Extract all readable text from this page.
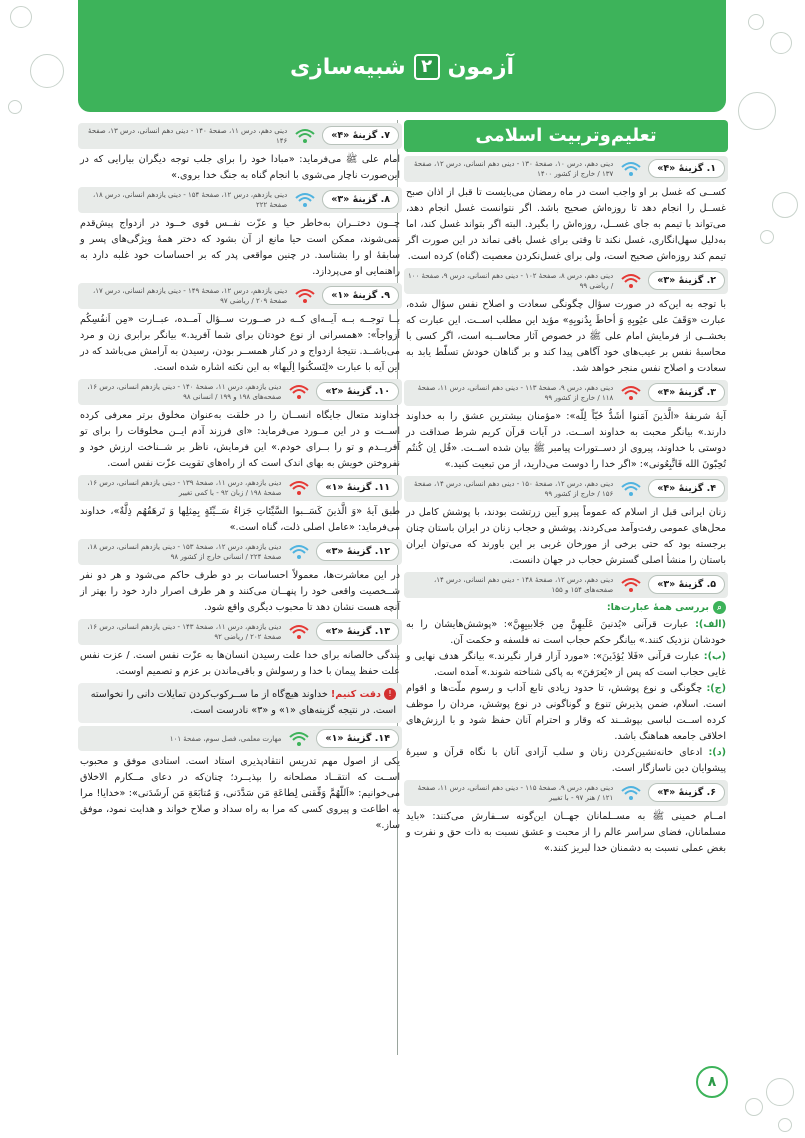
آزمون
۲
شبیه‌سازی
تعلیم‌وتربیت اسلامی
۱. گزینۀ «۴»
دینی دهم، درس ۱۰، صفحۀ ۱۳۰ - دینی دهم انسانی، درس ۱۲، صفحۀ ۱۳۷ / خارج از کشور ۱۴۰۰
کســی که غسل بر او واجب است در ماه رمضان می‌بایست تا قبل از اذان صبح غســل را انجام دهد تا روزه‌اش صحیح باشد. اگر نتوانست غسل انجام دهد، می‌تواند با تیمم به جای غســل، روزه‌اش را بگیرد. البته اگر بتواند غسل کند، اما به‌دلیل سهل‌انگاری، غسل نکند تا وقتی برای غسل باقی نماند در این صورت اگر تیمم کند روزه‌اش صحیح است، ولی برای غسل‌نکردن معصیت (گناه) کرده است.
۲. گزینۀ «۳»
دینی دهم، درس ۸، صفحۀ ۱۰۲ - دینی دهم انسانی، درس ۹، صفحۀ ۱۰۰ / ریاضی ۹۹
با توجه به این‌که در صورت سؤال چگونگی سعادت و اصلاح نفس سؤال شده، عبارت «وَقَفَ علی عیُوبِهِ وَ أحاطَ بِذُنوبِهِ» مؤید این مطلب اســت. این عبارت که بخشــی از فرمایش امام علی ﷺ در خصوص آثار محاســبه است، اگر کسی با محاسبۀ نفس بر عیب‌های خود آگاهی پیدا کند و بر گناهان خودش تسلّط یابد به سعادت و اصلاح نفس منجر خواهد شد.
۳. گزینۀ «۴»
دینی دهم، درس ۹، صفحۀ ۱۱۳ - دینی دهم انسانی، درس ۱۱، صفحۀ ۱۱۸ / خارج از کشور ۹۹
آیۀ شریفۀ «الَّذینَ آمَنوا أشَدُّ حُبّاً لِلّه»: «مؤمنان بیشترین عشق را به خداوند دارند.» بیانگر محبت به خداوند اســت. در آیات قرآن کریم شرط صداقت در دوستی با خداوند، پیروی از دســتورات پیامبر ﷺ بیان شده اســت. «قُل اِن کُنتُم تُحِبّونَ الله فَاتَّبِعُونی»: «اگر خدا را دوست می‌دارید، از من تبعیت کنید.»
۴. گزینۀ «۴»
دینی دهم، درس ۱۲، صفحۀ ۱۵۰ - دینی دهم انسانی، درس ۱۴، صفحۀ ۱۵۶ / خارج از کشور ۹۹
زنان ایرانی قبل از اسلام که عموماً پیرو آیین زرتشت بودند، با پوشش کامل در محل‌های عمومی رفت‌وآمد می‌کردند. پوشش و حجاب زنان در ایران باستان چنان برجسته بود که حتی برخی از مورخان غربی بر این باورند که می‌توان ایران باستان را منشأ اصلی گسترش حجاب در جهان دانست.
۵. گزینۀ «۳»
دینی دهم، درس ۱۲، صفحۀ ۱۴۸ - دینی دهم انسانی، درس ۱۴، صفحه‌های ۱۵۴ و ۱۵۵
⌕
بررسی همۀ عبارت‌ها:

(الف): عبارت قرآنی «یُدنینَ عَلَیهِنَّ مِن جَلابیبِهِنَّ»: «پوشش‌هایشان را به خودشان نزدیک کنند.» بیانگر حکم حجاب است نه فلسفه و حکمت آن.

(ب): عبارت قرآنی «فَلا یُؤذَینَ»: «مورد آزار قرار نگیرند.» بیانگر هدف نهایی و غایی حجاب است که پس از «یُعرَفنَ» به پاکی شناخته شوند.» آمده است.

(ج): چگونگی و نوع پوشش، تا حدود زیادی تابع آداب و رسوم ملّت‌ها و اقوام است. اسلام، ضمن پذیرش تنوع و گوناگونی در نوع پوشش، مردان را موظف کرده اســت لباسی بپوشــند که وقار و احترام آنان حفظ شود و با ارزش‌های اخلاقی جامعه هماهنگ باشد.

(د): ادعای خانه‌نشین‌کردن زنان و سلب آزادی آنان با نگاه قرآن و سیرۀ پیشوایان دین ناسازگار است.

۶. گزینۀ «۴»
دینی دهم، درس ۹، صفحۀ ۱۱۵ - دینی دهم انسانی، درس ۱۱، صفحۀ ۱۲۱ / هنر ۹۷ - با تغییر
امــام خمینی ﷺ به مســلمانان جهــان این‌گونه ســفارش می‌کنند: «باید مسلمانان، فضای سراسر عالم را از محبت و عشق نسبت به ذات حق و نفرت و بغض عملی نسبت به دشمنان خدا لبریز کنند.»
۷. گزینۀ «۴»
دینی دهم، درس ۱۱، صفحۀ ۱۴۰ - دینی دهم انسانی، درس ۱۳، صفحۀ ۱۴۶
امام علی ﷺ می‌فرماید: «مبادا خود را برای جلب توجه دیگران بیارایی که در این‌صورت ناچار می‌شوی با انجام گناه به جنگ خدا بروی.»
۸. گزینۀ «۳»
دینی یازدهم، درس ۱۲، صفحۀ ۱۵۴ - دینی یازدهم انسانی، درس ۱۸، صفحۀ ۲۲۲
چــون دختــران به‌خاطر حیا و عزّت نفــس قوی خــود در ازدواج پیش‌قدم نمی‌شوند، ممکن است حیا مانع از آن بشود که دختر همۀ ویژگی‌های پسر و سابقۀ او را بشناسد. در چنین مواقعی پدر که بر احساسات خود غلبه دارد به راهنمایی او می‌پردازد.
۹. گزینۀ «۱»
دینی یازدهم، درس ۱۲، صفحۀ ۱۴۹ - دینی یازدهم انسانی، درس ۱۷، صفحۀ ۲۰۹ / ریاضی ۹۷
بــا توجــه بــه آیــه‌ای کــه در صــورت ســؤال آمــده، عبــارت «مِن اَنفُسِکُم اَزواجاً»: «همسرانی از نوع خودتان برای شما آفرید.» بیانگر برابری زن و مرد می‌باشــد. نتیجۀ ازدواج و در کنار همســر بودن، رسیدن به آرامش می‌باشد که در این آیه با عبارت «لِتَسکُنوا اِلَیها» به این نکته اشاره شده است.
۱۰. گزینۀ «۲»
دینی یازدهم، درس ۱۱، صفحۀ ۱۴۰ - دینی یازدهم انسانی، درس ۱۶، صفحه‌های ۱۹۸ و ۱۹۹ / انسانی ۹۸
خداوند متعال جایگاه انســان را در خلقت به‌عنوان مخلوق برتر معرفی کرده اســت و در این مــورد می‌فرماید: «ای فرزند آدم ایــن مخلوقات را برای تو آفریــدم و تو را بــرای خودم.» این فرمایش، ناظر بر شــناخت ارزش خود و نفروختن خویش به بهای اندک است که از راه‌های تقویت عزّت نفس است.
۱۱. گزینۀ «۱»
دینی یازدهم، درس ۱۱، صفحۀ ۱۳۹ - دینی یازدهم انسانی، درس ۱۶، صفحۀ ۱۹۸ / زبان ۹۲ - با کمی تغییر
طبق آیۀ «وَ الَّذینَ کَسَــبوا السَّیِّئاتِ جَزاءُ سَــیِّئَةٍ بِمِثلِها وَ تَرهَقُهُم ذِلَّةٌ»، خداوند می‌فرماید: «عامل اصلی ذلت، گناه است.»
۱۲. گزینۀ «۳»
دینی یازدهم، درس ۱۲، صفحۀ ۱۵۳ - دینی یازدهم انسانی، درس ۱۸، صفحۀ ۲۲۴ / انسانی خارج از کشور ۹۸
در این معاشرت‌ها، معمولاً احساسات بر دو طرف حاکم می‌شود و هر دو نفر شــخصیت واقعی خود را پنهــان می‌کنند و هر طرف اصرار دارد خود را بهتر از آنچه هست نشان دهد تا محبوب دیگری واقع شود.
۱۳. گزینۀ «۲»
دینی یازدهم، درس ۱۱، صفحۀ ۱۴۳ - دینی یازدهم انسانی، درس ۱۶، صفحۀ ۲۰۲ / ریاضی ۹۲
بندگی خالصانه برای خدا علت رسیدن انسان‌ها به عزّت نفس است. / عزت نفس علت حفظ پیمان با خدا و رسولش و باقی‌ماندن بر عزم و تصمیم اوست.
! دقت کنیم! خداوند هیچ‌گاه از ما ســرکوب‌کردن تمایلات دانی را نخواسته است. در نتیجه گزینه‌های «۱» و «۳» نادرست است.
۱۴. گزینۀ «۱»
مهارت معلمی، فصل سوم، صفحۀ ۱۰۱
یکی از اصول مهم تدریس انتقادپذیری استاد است. استادی موفق و محبوب اســت که انتقــاد مصلحانه را بپذیــرد؛ چنان‌که در دعای مــکارم الاخلاق می‌خوانیم: «اَللّهُمَّ وَفِّقنی لِطاعَةِ مَن سَدَّدَنی، وَ مُتابَعَةِ مَن اَرشَدَنی»: «خدایا! مرا به اطاعت و پیروی کسی که مرا به راه سداد و صلاح خواند و هدایت نمود، موفق ساز.»
۸
